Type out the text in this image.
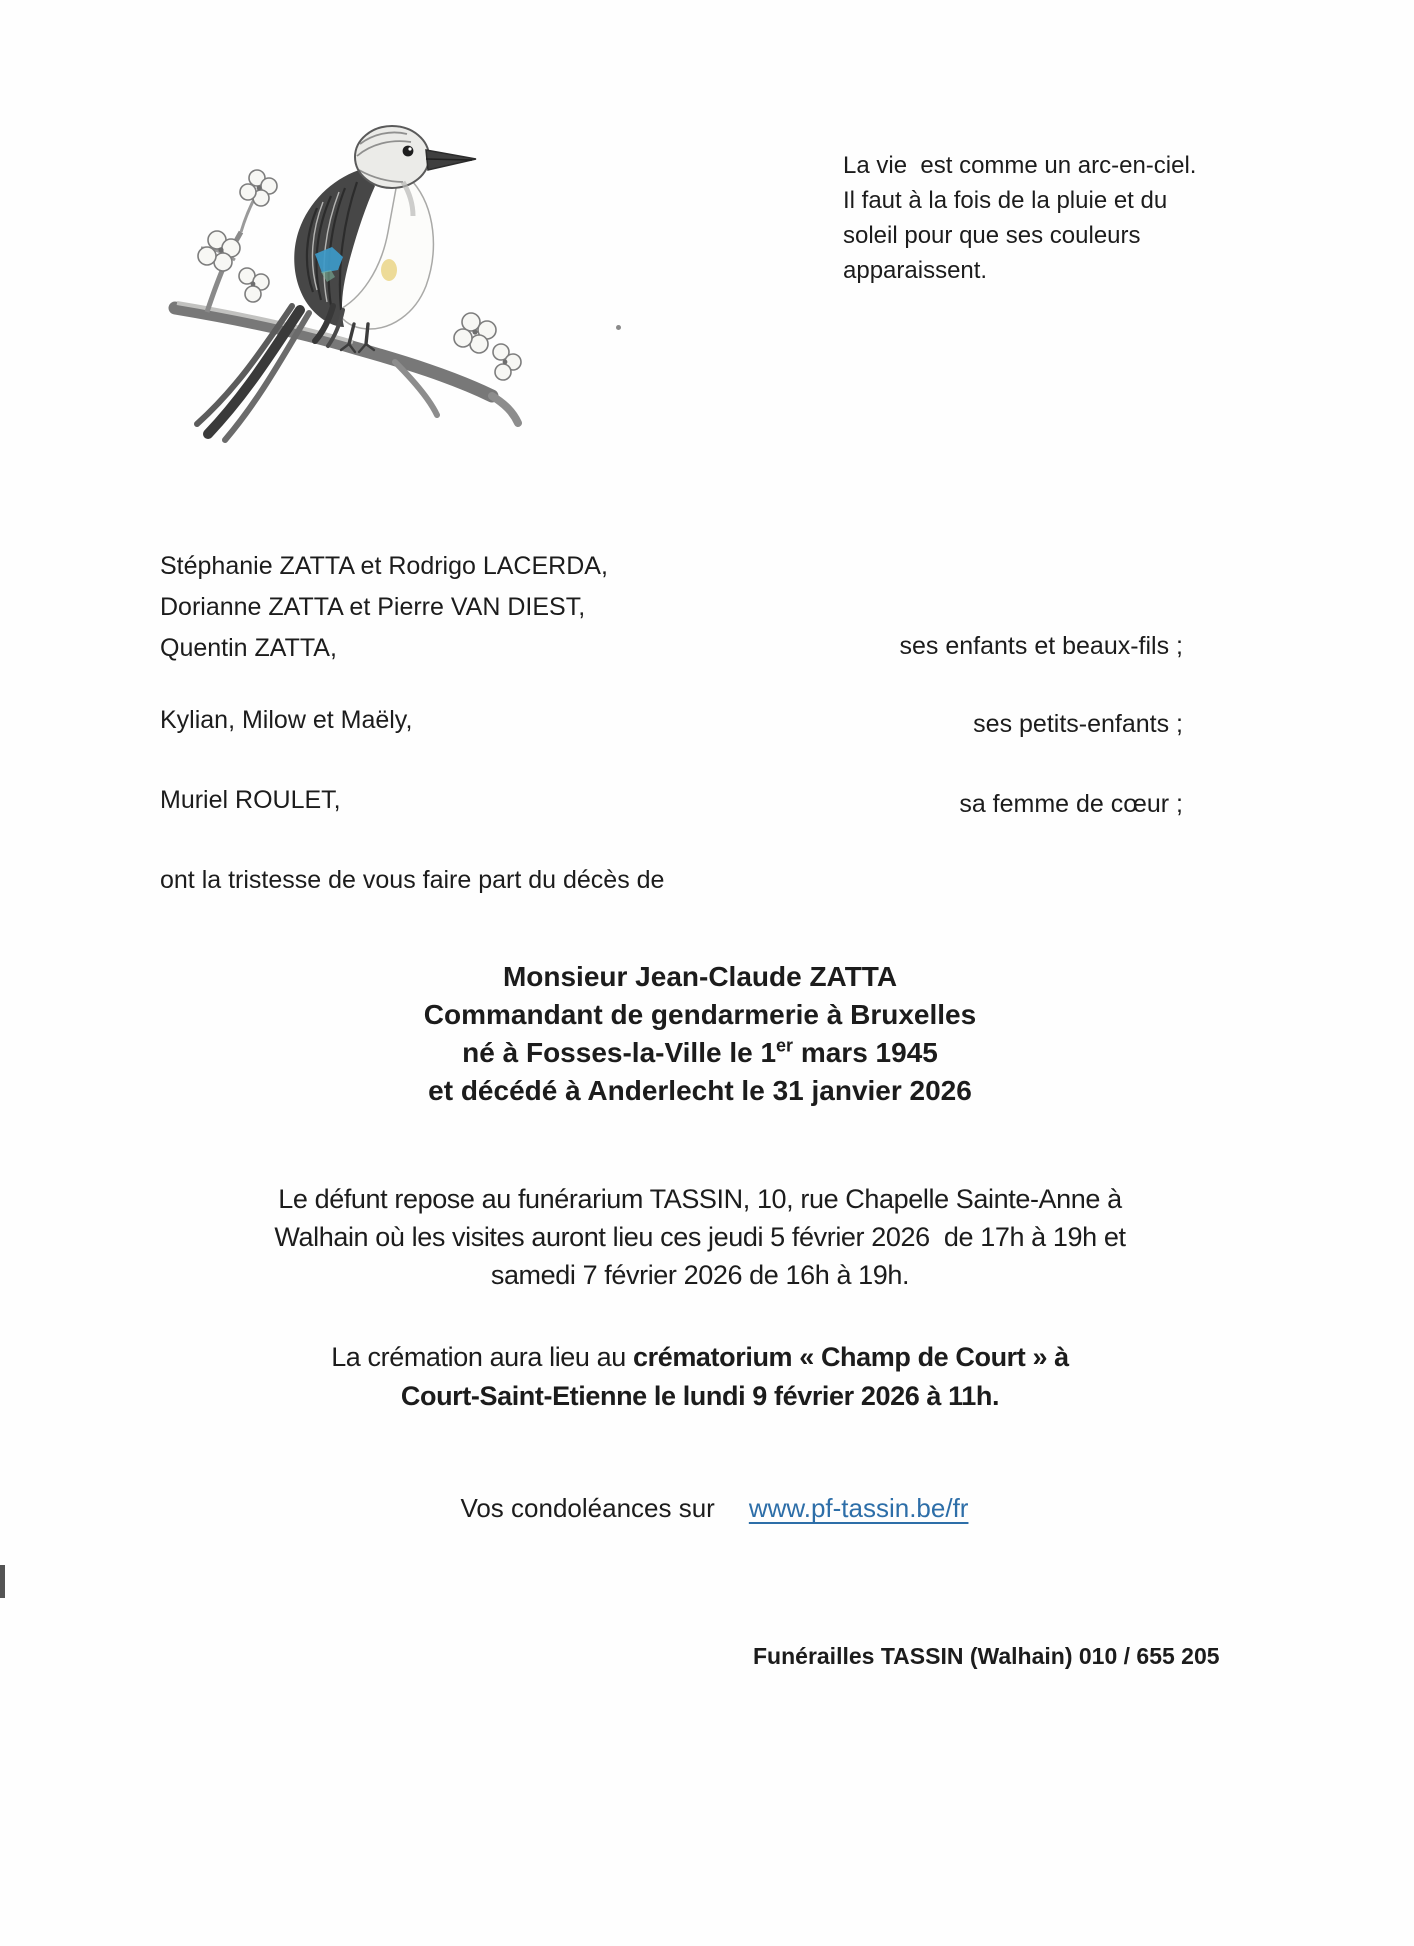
La vie  est comme un arc-en-ciel.
Il faut à la fois de la pluie et du
soleil pour que ses couleurs
apparaissent.
Stéphanie ZATTA et Rodrigo LACERDA,
Dorianne ZATTA et Pierre VAN DIEST,
Quentin ZATTA,
Kylian, Milow et Maëly,
Muriel ROULET,
ses enfants et beaux-fils ;
ses petits-enfants ;
sa femme de cœur ;
ont la tristesse de vous faire part du décès de
Monsieur Jean-Claude ZATTA
Commandant de gendarmerie à Bruxelles
né à Fosses-la-Ville le 1er mars 1945
et décédé à Anderlecht le 31 janvier 2026
Le défunt repose au funérarium TASSIN, 10, rue Chapelle Sainte-Anne à
Walhain où les visites auront lieu ces jeudi 5 février 2026  de 17h à 19h et
samedi 7 février 2026 de 16h à 19h.
La crémation aura lieu au crématorium « Champ de Court » à
Court-Saint-Etienne le lundi 9 février 2026 à 11h.

Vos condoléances sur www.pf-tassin.be/fr

Funérailles TASSIN (Walhain) 010 / 655 205
